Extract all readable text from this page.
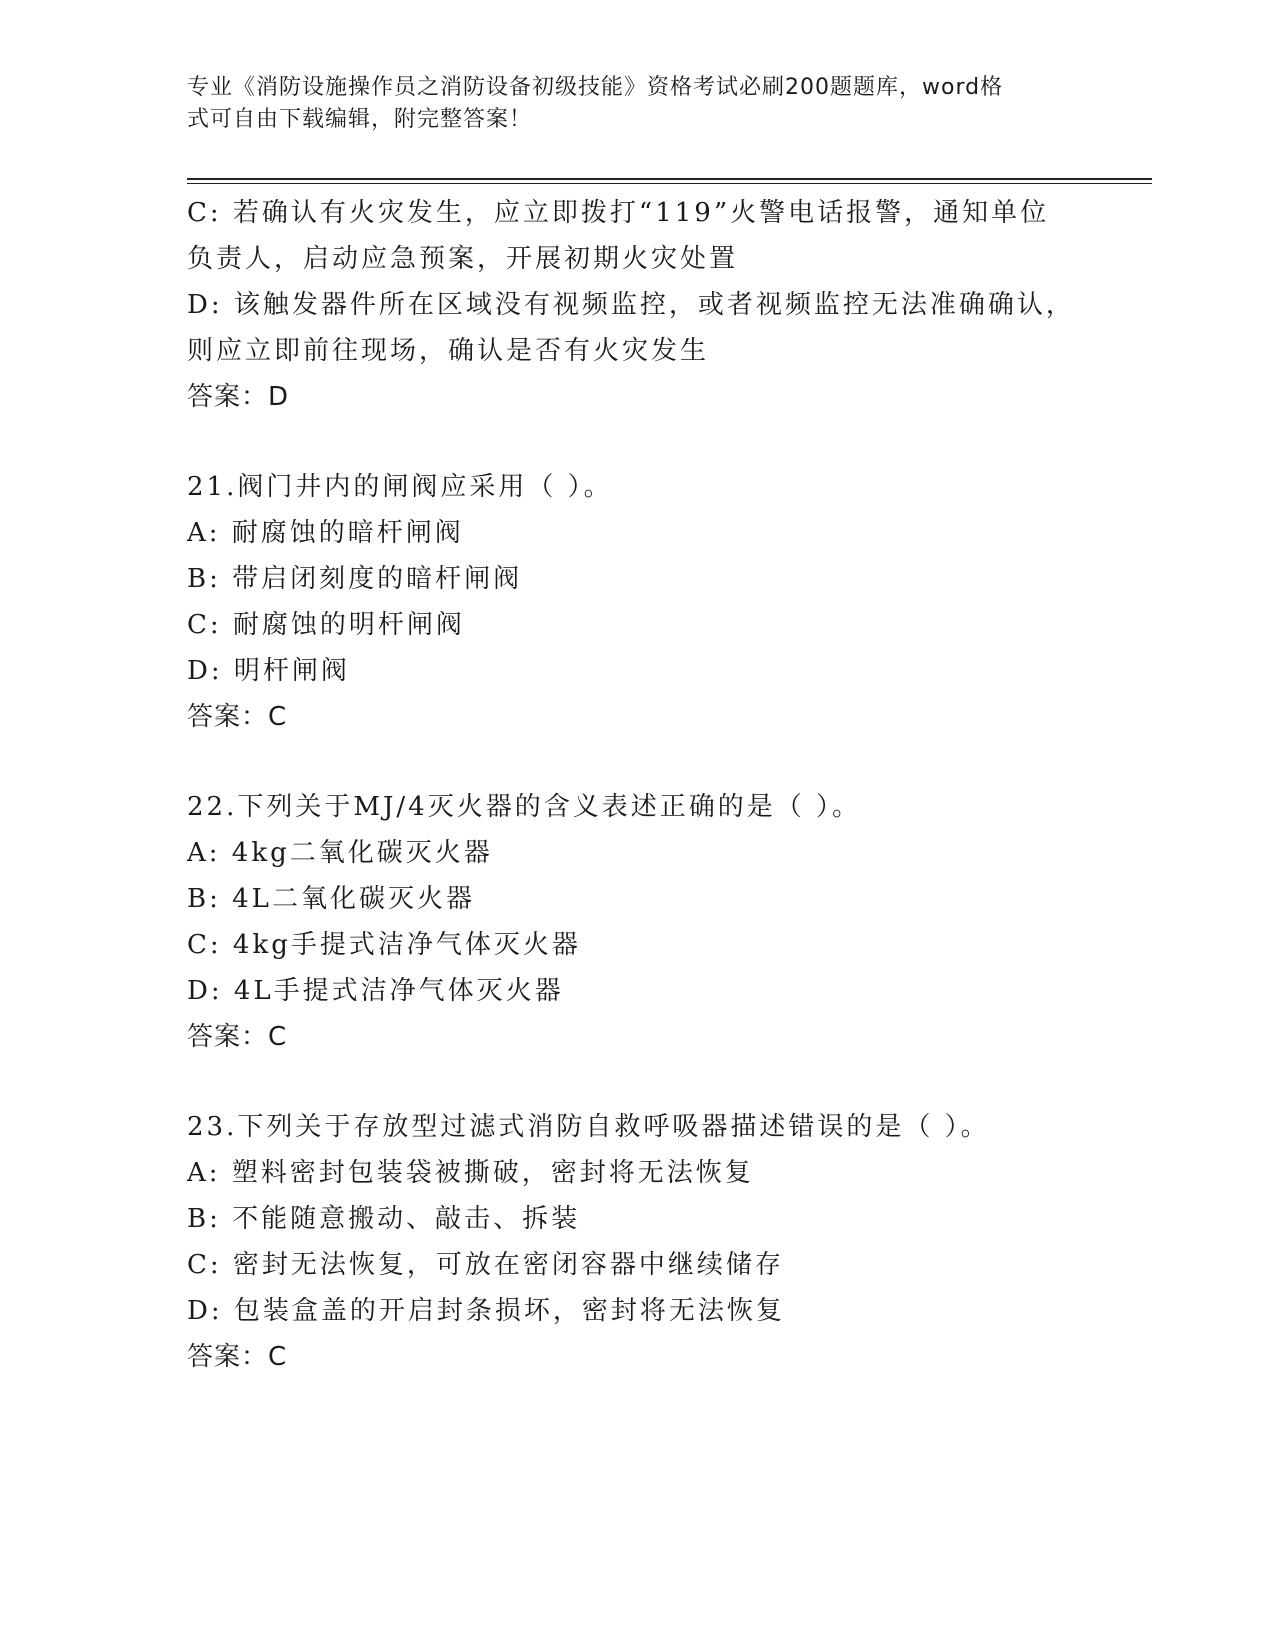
专业《消防设施操作员之消防设备初级技能》资格考试必刷200题题库，word格
式可自由下载编辑，附完整答案！
C: 若确认有火灾发生，应立即拨打“119”火警电话报警，通知单位
负责人，启动应急预案，开展初期火灾处置
D: 该触发器件所在区域没有视频监控，或者视频监控无法准确确认，
则应立即前往现场，确认是否有火灾发生
答案：D
21.阀门井内的闸阀应采用（ ）。
A: 耐腐蚀的暗杆闸阀
B: 带启闭刻度的暗杆闸阀
C: 耐腐蚀的明杆闸阀
D: 明杆闸阀
答案：C
22.下列关于MJ/4灭火器的含义表述正确的是（ ）。
A: 4kg二氧化碳灭火器
B: 4L二氧化碳灭火器
C: 4kg手提式洁净气体灭火器
D: 4L手提式洁净气体灭火器
答案：C
23.下列关于存放型过滤式消防自救呼吸器描述错误的是（ ）。
A: 塑料密封包装袋被撕破，密封将无法恢复
B: 不能随意搬动、敲击、拆装
C: 密封无法恢复，可放在密闭容器中继续储存
D: 包装盒盖的开启封条损坏，密封将无法恢复
答案：C
